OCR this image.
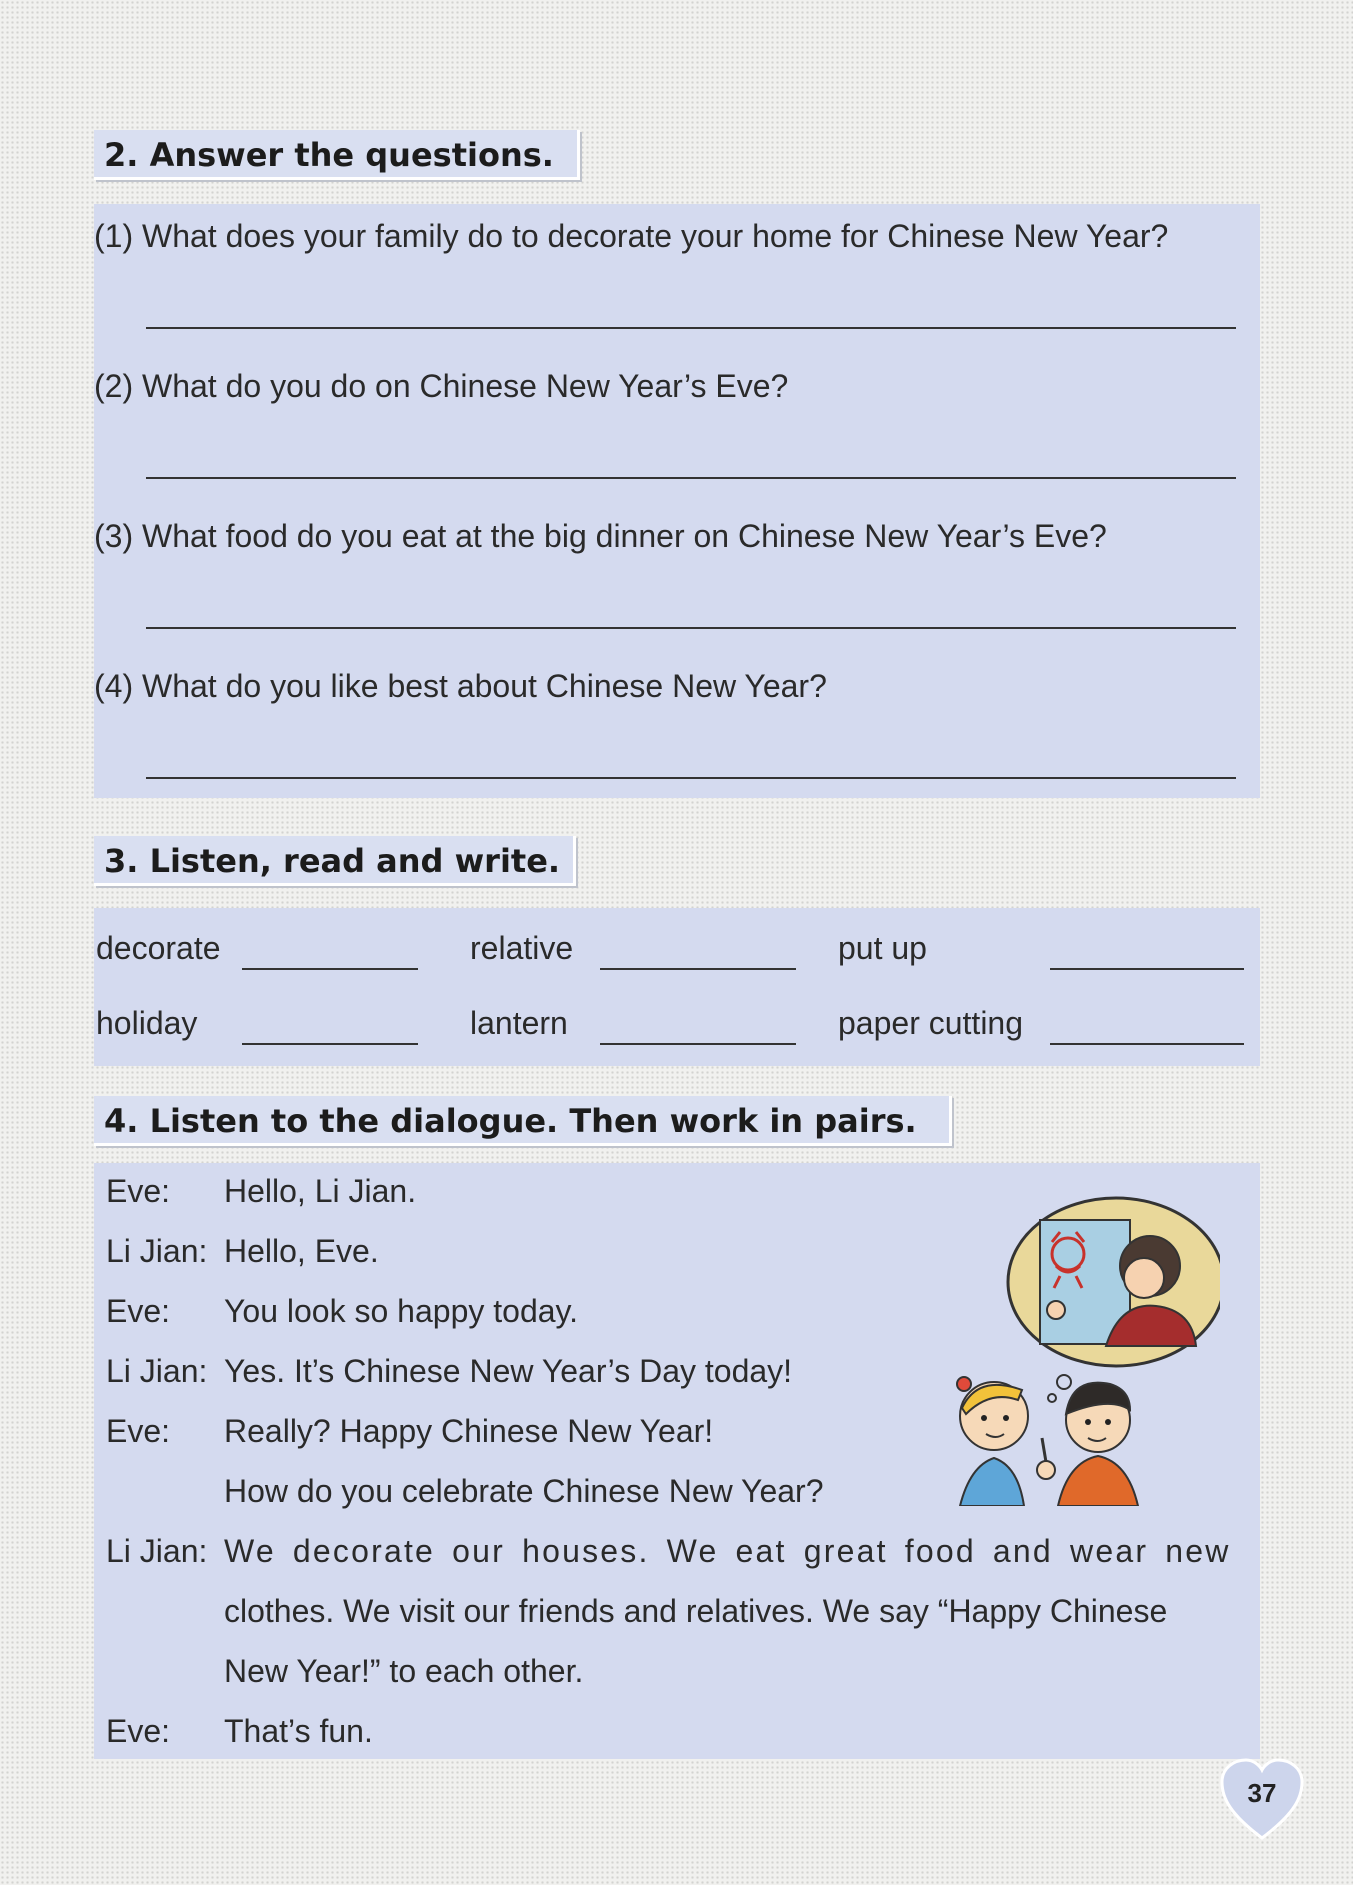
2. Answer the questions.
(1) What does your family do to decorate your home for Chinese New Year?
(2) What do you do on Chinese New Year’s Eve?
(3) What food do you eat at the big dinner on Chinese New Year’s Eve?
(4) What do you like best about Chinese New Year?
3. Listen, read and write.
decorate	relative	put up
holiday	lantern	paper cutting
4. Listen to the dialogue. Then work in pairs.
Eve: Hello, Li Jian.
Li Jian: Hello, Eve.
Eve: You look so happy today.
Li Jian: Yes. It’s Chinese New Year’s Day today!
Eve: Really? Happy Chinese New Year!
How do you celebrate Chinese New Year?
Li Jian: We decorate our houses. We eat great food and wear new
clothes. We visit our friends and relatives. We say “Happy Chinese
New Year!” to each other.
Eve: That’s fun.
37
